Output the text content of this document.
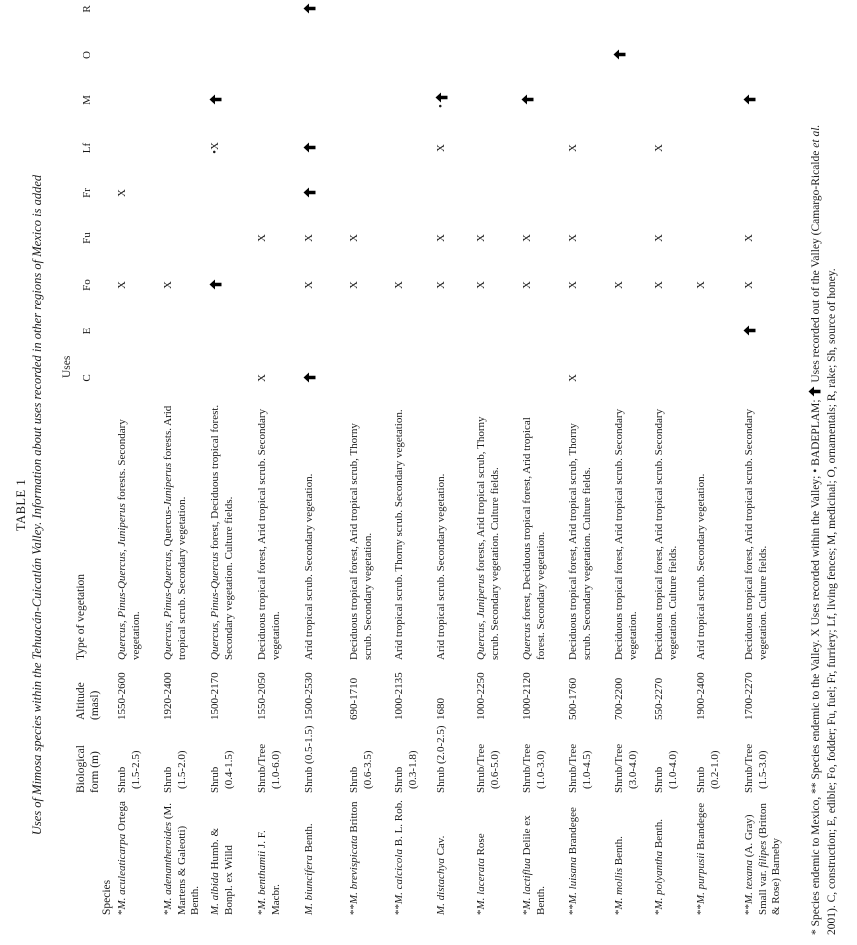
TABLE 1
Uses of Mimosa species within the Tehuacán-Cuicatlán Valley. Information about uses recorded in other regions of Mexico is added
Species
Biological form (m)
Altitude (masl)
Type of vegetation
Uses C
E
Fo
Fu
Fr
Lf
M
O
R
*M. aculeaticarpa Ortega
Shrub (1.5-2.5)
1550-2600
Quercus, Pinus-Quercus, Juniperus forests. Secondary vegetation.
X
X
*M. adenantheroides (M. Martens & Galeotti) Benth.
Shrub (1.5-2.0)
1920-2400
Quercus, Pinus-Quercus, Quercus-Juniperus forests. Arid tropical scrub. Secondary vegetation.
X
M. albida Humb. & Bonpl. ex Willd
Shrub (0.4-1.5)
1500-2170
Quercus, Pinus-Quercus forest, Deciduous tropical forest. Secondary vegetation. Culture fields.
•X
*M. benthamii J. F. Macbr.
Shrub/Tree (1.0-6.0)
1550-2050
Deciduous tropical forest, Arid tropical scrub. Secondary vegetation.
X
X
M. biuncifera Benth.
Shrub (0.5-1.5)
1500-2530
Arid tropical scrub. Secondary vegetation.
X
X
**M. brevispicata Britton
Shrub (0.6-3.5)
690-1710
Deciduous tropical forest, Arid tropical scrub, Thorny scrub. Secondary vegetation.
X
X
**M. calcicola B. L. Rob.
Shrub (0.3-1.8)
1000-2135
Arid tropical scrub. Thorny scrub. Secondary vegetation.
X
M. distachya Cav.
Shrub (2.0-2.5)
1680
Arid tropical scrub. Secondary vegetation.
X
X
X
•
*M. lacerata Rose
Shrub/Tree (0.6-5.0)
1000-2250
Quercus, Juniperus forests, Arid tropical scrub, Thorny scrub. Secondary vegetation. Culture fields.
X
X
*M. lactiflua Delile ex Benth.
Shrub/Tree (1.0-3.0)
1000-2120
Quercus forest, Deciduous tropical forest, Arid tropical forest. Secondary vegetation.
X
X
**M. luisana Brandegee
Shrub/Tree (1.0-4.5)
500-1760
Deciduous tropical forest, Arid tropical scrub, Thorny scrub. Secondary vegetation. Culture fields.
X
X
X
X
*M. mollis Benth.
Shrub/Tree (3.0-4.0)
700-2200
Deciduous tropical forest, Arid tropical scrub. Secondary vegetation.
X
*M. polyantha Benth.
Shrub (1.0-4.0)
550-2270
Deciduous tropical forest, Arid tropical scrub. Secondary vegetation. Culture fields.
X
X
X
**M. purpusii Brandegee
Shrub (0.2-1.0)
1900-2400
Arid tropical scrub. Secondary vegetation.
X
**M. texana (A. Gray) Small var. filipes (Britton & Rose) Barneby
Shrub/Tree (1.5-3.0)
1700-2270
Deciduous tropical forest, Arid tropical scrub. Secondary vegetation. Culture fields.
X
X
* Species endemic to Mexico, ** Species endemic to the Valley. X Uses recorded within the Valley; • BADEPLAM;
Uses recorded out of the Valley (Camargo-Ricalde et al.
2001). C, construction; E, edible; Fo, fodder; Fu, fuel; Fr, furriery; Lf, living fences; M, medicinal; O, ornamentals; R, rake; Sh, source of honey.
